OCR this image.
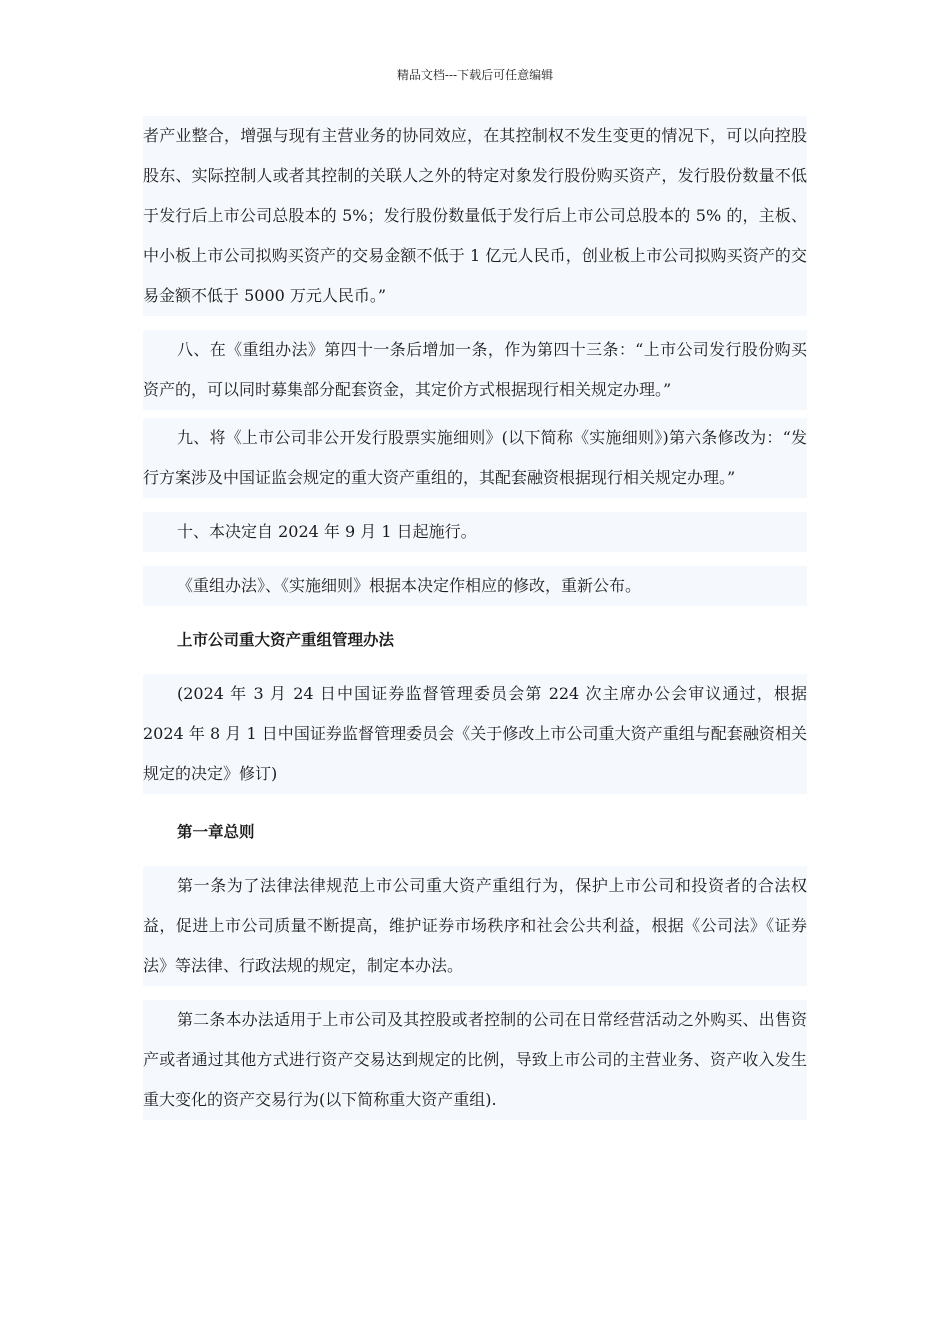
精品文档---下载后可任意编辑

者产业整合，增强与现有主营业务的协同效应，在其控制权不发生变更的情况下，可以向控股股东、实际控制人或者其控制的关联人之外的特定对象发行股份购买资产，发行股份数量不低于发行后上市公司总股本的 5%；发行股份数量低于发行后上市公司总股本的 5% 的，主板、中小板上市公司拟购买资产的交易金额不低于 1 亿元人民币，创业板上市公司拟购买资产的交易金额不低于 5000 万元人民币。”

八、在《重组办法》第四十一条后增加一条，作为第四十三条：“上市公司发行股份购买资产的，可以同时募集部分配套资金，其定价方式根据现行相关规定办理。”

九、将《上市公司非公开发行股票实施细则》(以下简称《实施细则》)第六条修改为：“发行方案涉及中国证监会规定的重大资产重组的，其配套融资根据现行相关规定办理。”

十、本决定自 2024 年 9 月 1 日起施行。

《重组办法》、《实施细则》根据本决定作相应的修改，重新公布。

上市公司重大资产重组管理办法

(2024 年 3 月 24 日中国证券监督管理委员会第 224 次主席办公会审议通过，根据 2024 年 8 月 1 日中国证券监督管理委员会《关于修改上市公司重大资产重组与配套融资相关规定的决定》修订)

第一章总则

第一条为了法律法律规范上市公司重大资产重组行为，保护上市公司和投资者的合法权益，促进上市公司质量不断提高，维护证券市场秩序和社会公共利益，根据《公司法》《证券法》等法律、行政法规的规定，制定本办法。

第二条本办法适用于上市公司及其控股或者控制的公司在日常经营活动之外购买、出售资产或者通过其他方式进行资产交易达到规定的比例，导致上市公司的主营业务、资产收入发生重大变化的资产交易行为(以下简称重大资产重组).
